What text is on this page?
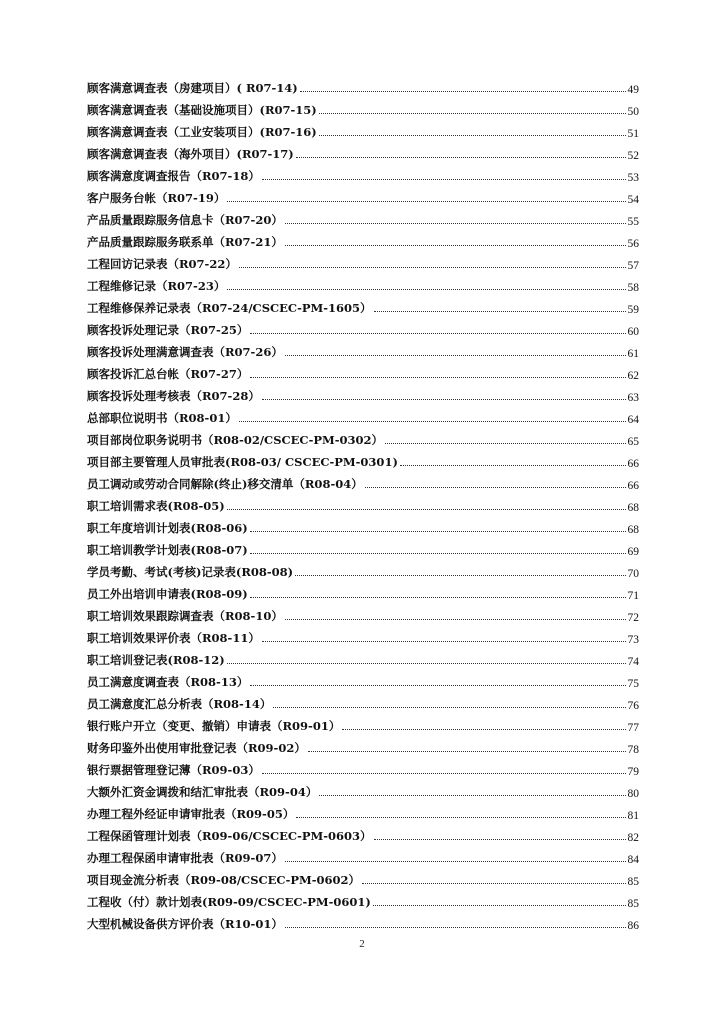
顾客满意调查表（房建项目）( R07-14)	49
顾客满意调查表（基础设施项目）(R07-15)	50
顾客满意调查表（工业安装项目）(R07-16)	51
顾客满意调查表（海外项目）(R07-17)	52
顾客满意度调查报告（R07-18）	53
客户服务台帐（R07-19）	54
产品质量跟踪服务信息卡（R07-20）	55
产品质量跟踪服务联系单（R07-21）	56
工程回访记录表（R07-22）	57
工程维修记录（R07-23）	58
工程维修保养记录表（R07-24/CSCEC-PM-1605）	59
顾客投诉处理记录（R07-25）	60
顾客投诉处理满意调查表（R07-26）	61
顾客投诉汇总台帐（R07-27）	62
顾客投诉处理考核表（R07-28）	63
总部职位说明书（R08-01）	64
项目部岗位职务说明书（R08-02/CSCEC-PM-0302）	65
项目部主要管理人员审批表(R08-03/ CSCEC-PM-0301)	66
员工调动或劳动合同解除(终止)移交清单（R08-04）	66
职工培训需求表(R08-05)	68
职工年度培训计划表(R08-06)	68
职工培训教学计划表(R08-07)	69
学员考勤、考试(考核)记录表(R08-08)	70
员工外出培训申请表(R08-09)	71
职工培训效果跟踪调查表（R08-10）	72
职工培训效果评价表（R08-11）	73
职工培训登记表(R08-12)	74
员工满意度调查表（R08-13）	75
员工满意度汇总分析表（R08-14）	76
银行账户开立（变更、撤销）申请表（R09-01）	77
财务印鉴外出使用审批登记表（R09-02）	78
银行票据管理登记薄（R09-03）	79
大额外汇资金调拨和结汇审批表（R09-04）	80
办理工程外经证申请审批表（R09-05）	81
工程保函管理计划表（R09-06/CSCEC-PM-0603）	82
办理工程保函申请审批表（R09-07）	84
项目现金流分析表（R09-08/CSCEC-PM-0602）	85
工程收（付）款计划表(R09-09/CSCEC-PM-0601)	85
大型机械设备供方评价表（R10-01）	86
2
